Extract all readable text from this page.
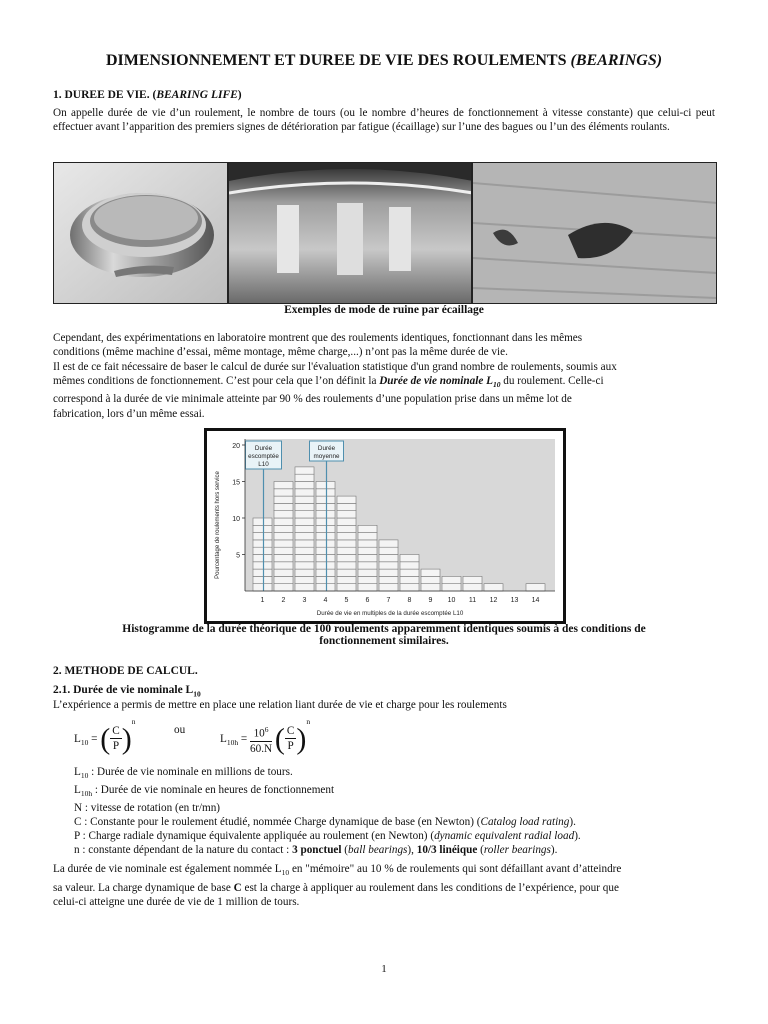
DIMENSIONNEMENT ET DUREE DE VIE DES ROULEMENTS (BEARINGS)
1. DUREE DE VIE. (BEARING LIFE)
On appelle durée de vie d’un roulement, le nombre de tours (ou le nombre d’heures de fonctionnement à vitesse constante) que celui-ci peut effectuer avant l’apparition des premiers signes de détérioration par fatigue (écaillage) sur l’une des bagues ou l’un des éléments roulants.
Exemples de mode de ruine par écaillage
Cependant, des expérimentations en laboratoire montrent que des roulements identiques, fonctionnant dans les mêmes
conditions (même machine d’essai, même montage, même charge,...) n’ont pas la même durée de vie.
Il est de ce fait nécessaire de baser le calcul de durée sur l'évaluation statistique d'un grand nombre de roulements, soumis aux
mêmes conditions de fonctionnement. C’est pour cela que l’on définit la Durée de vie nominale $L_{10}$ du roulement. Celle-ci
correspond à la durée de vie minimale atteinte par 90 % des roulements d’une population prise dans un même lot de
fabrication, lors d’un même essai.
Durée
escomptée
L10
Durée
moyenne
5
10
15
20
1 2 3 4 5 6 7 8 9 10 11 12 13 14
Durée de vie en multiples de la durée escomptée L10
Pourcentage de roulements hors service
Histogramme de la durée théorique de 100 roulements apparemment identiques soumis à des conditions de
fonctionnement similaires.
2. METHODE DE CALCUL.
2.1. Durée de vie nominale $L_{10}$
L’expérience a permis de mettre en place une relation liant durée de vie et charge pour les roulements
$L_{10}$ = ( $\frac{C}{P} )^n$
ou
$L_{10h} = \frac{10^6}{60.N}$ ( $\frac{C}{P} )^n$
$L_{10}$ : Durée de vie nominale en millions de tours.
$L_{10h}$ : Durée de vie nominale en heures de fonctionnement
N : vitesse de rotation (en tr/mn)
C : Constante pour le roulement étudié, nommée Charge dynamique de base (en Newton) (Catalog load rating).
P : Charge radiale dynamique équivalente appliquée au roulement (en Newton) (dynamic equivalent radial load).
n : constante dépendant de la nature du contact : 3 ponctuel (ball bearings), 10/3 linéique (roller bearings).
La durée de vie nominale est également nommée $L_{10}$ en "mémoire" au 10 % de roulements qui sont défaillant avant d’atteindre
sa valeur. La charge dynamique de base C est la charge à appliquer au roulement dans les conditions de l’expérience, pour que
celui-ci atteigne une durée de vie de 1 million de tours.
1
